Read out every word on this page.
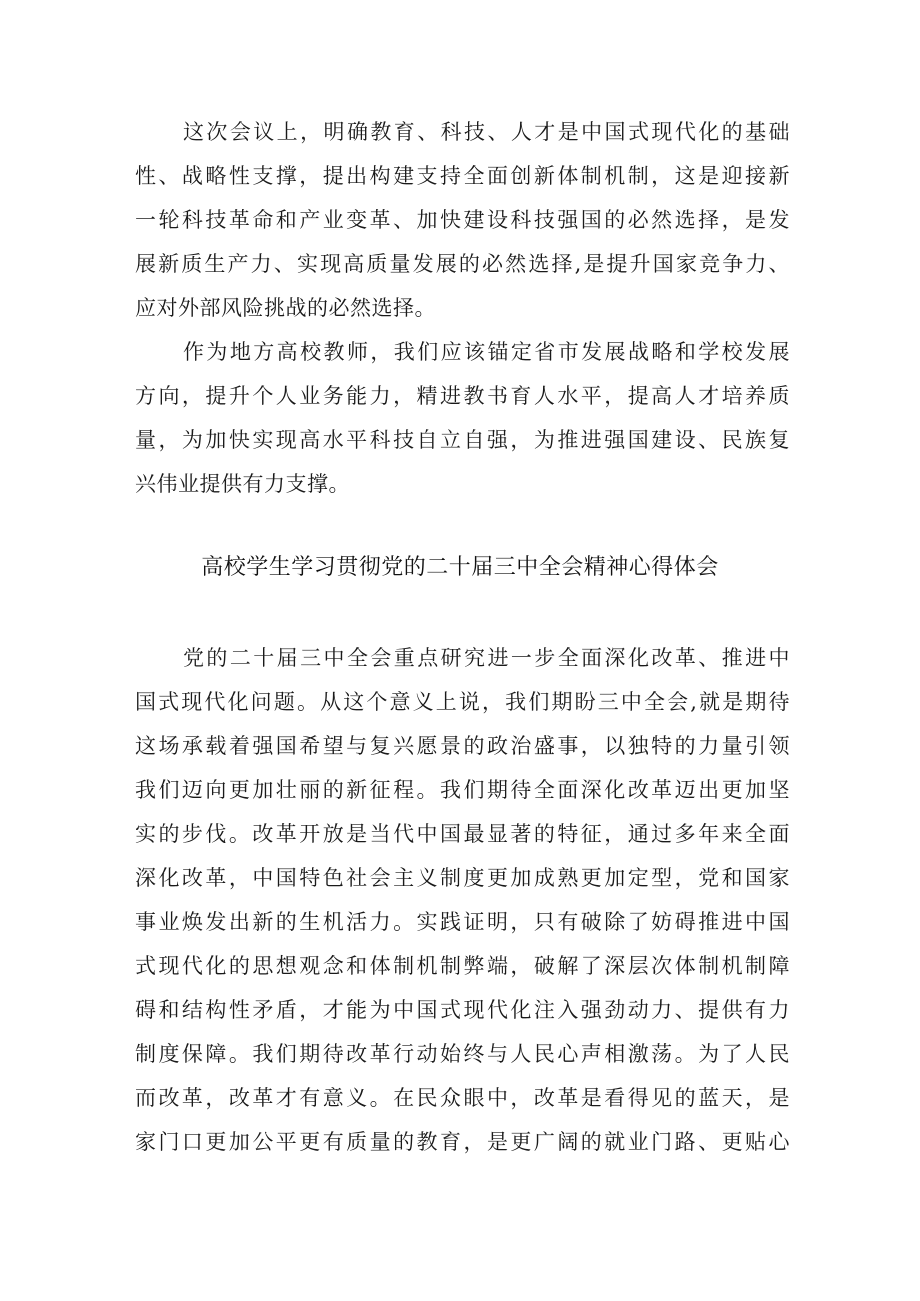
这次会议上，明确教育、科技、人才是中国式现代化的基础
性、战略性支撑，提出构建支持全面创新体制机制，这是迎接新
一轮科技革命和产业变革、加快建设科技强国的必然选择，是发
展新质生产力、实现高质量发展的必然选择,是提升国家竞争力、
应对外部风险挑战的必然选择。
作为地方高校教师，我们应该锚定省市发展战略和学校发展
方向，提升个人业务能力，精进教书育人水平，提高人才培养质
量，为加快实现高水平科技自立自强，为推进强国建设、民族复
兴伟业提供有力支撑。
高校学生学习贯彻党的二十届三中全会精神心得体会
党的二十届三中全会重点研究进一步全面深化改革、推进中
国式现代化问题。从这个意义上说，我们期盼三中全会,就是期待
这场承载着强国希望与复兴愿景的政治盛事，以独特的力量引领
我们迈向更加壮丽的新征程。我们期待全面深化改革迈出更加坚
实的步伐。改革开放是当代中国最显著的特征，通过多年来全面
深化改革，中国特色社会主义制度更加成熟更加定型，党和国家
事业焕发出新的生机活力。实践证明，只有破除了妨碍推进中国
式现代化的思想观念和体制机制弊端，破解了深层次体制机制障
碍和结构性矛盾，才能为中国式现代化注入强劲动力、提供有力
制度保障。我们期待改革行动始终与人民心声相激荡。为了人民
而改革，改革才有意义。在民众眼中，改革是看得见的蓝天，是
家门口更加公平更有质量的教育，是更广阔的就业门路、更贴心
